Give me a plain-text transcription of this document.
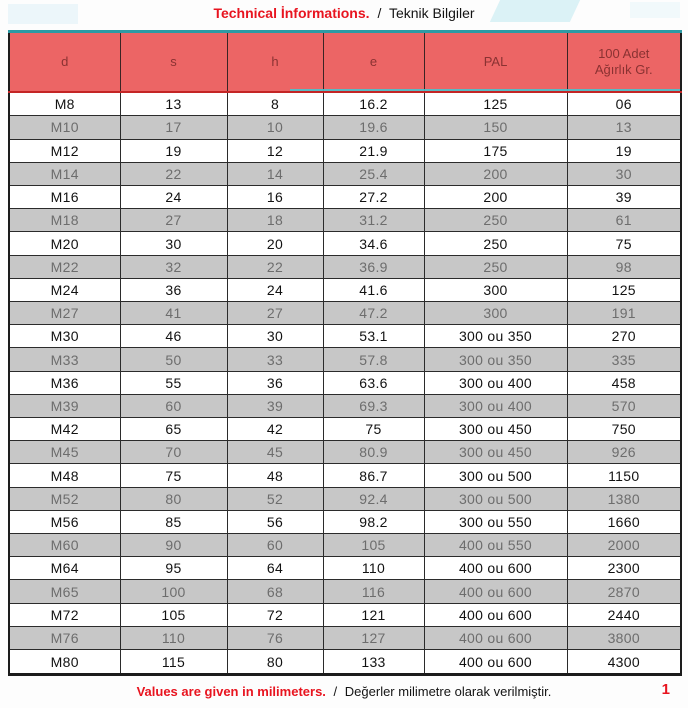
Technical İnformations. / Teknik Bilgiler
d	s	h	e	PAL	100 Adet Ağırlık Gr.
M8	13	8	16.2	125	06
M10	17	10	19.6	150	13
M12	19	12	21.9	175	19
M14	22	14	25.4	200	30
M16	24	16	27.2	200	39
M18	27	18	31.2	250	61
M20	30	20	34.6	250	75
M22	32	22	36.9	250	98
M24	36	24	41.6	300	125
M27	41	27	47.2	300	191
M30	46	30	53.1	300 ou 350	270
M33	50	33	57.8	300 ou 350	335
M36	55	36	63.6	300 ou 400	458
M39	60	39	69.3	300 ou 400	570
M42	65	42	75	300 ou 450	750
M45	70	45	80.9	300 ou 450	926
M48	75	48	86.7	300 ou 500	1150
M52	80	52	92.4	300 ou 500	1380
M56	85	56	98.2	300 ou 550	1660
M60	90	60	105	400 ou 550	2000
M64	95	64	110	400 ou 600	2300
M65	100	68	116	400 ou 600	2870
M72	105	72	121	400 ou 600	2440
M76	110	76	127	400 ou 600	3800
M80	115	80	133	400 ou 600	4300
Values are given in milimeters. / Değerler milimetre olarak verilmiştir.	1
